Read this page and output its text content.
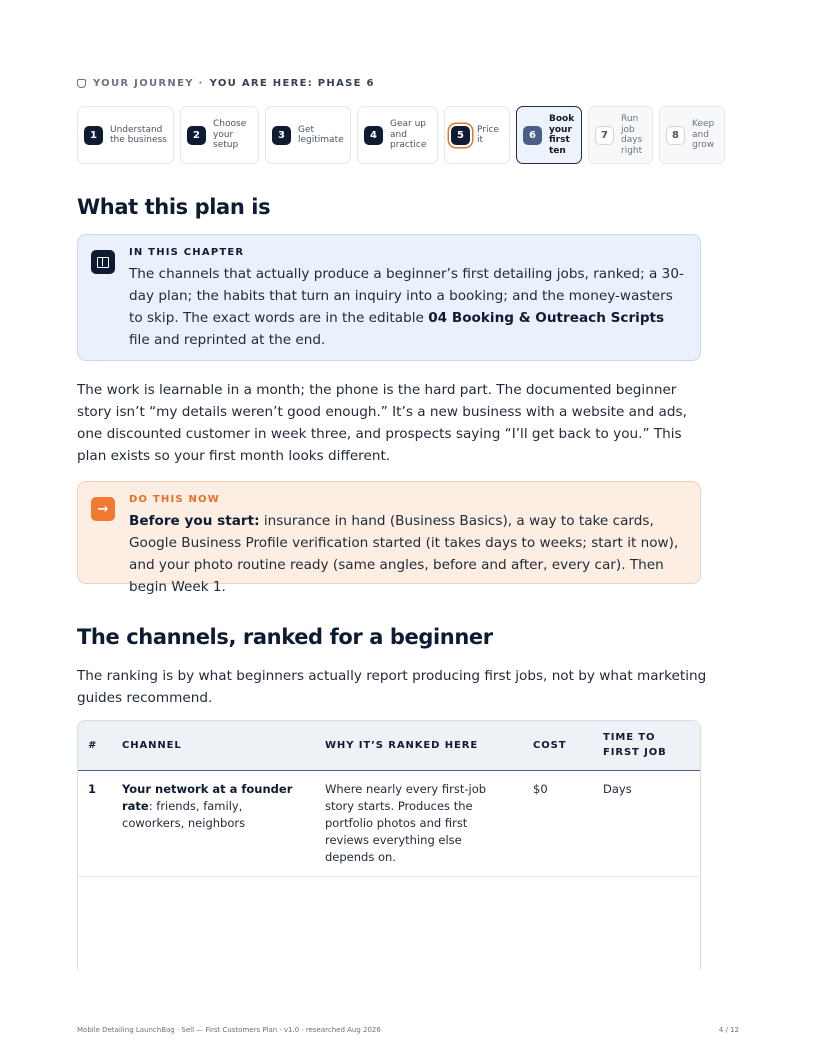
YOUR JOURNEY · YOU ARE HERE: PHASE 6
1	Understand the business	2
Choose your setup
3	Get legitimate	4
Gear up and practice
5	Price it	6
Book your first ten
7
Run job days right
8
Keep and grow
What this plan is
IN THIS CHAPTER
The channels that actually produce a beginner’s first detailing jobs, ranked; a 30-day plan; the habits that turn an inquiry into a booking; and the money-wasters to skip. The exact words are in the editable 04 Booking & Outreach Scripts file and reprinted at the end.

The work is learnable in a month; the phone is the hard part. The documented beginner story isn’t “my details weren’t good enough.” It’s a new business with a website and ads, one discounted customer in week three, and prospects saying “I’ll get back to you.” This plan exists so your first month looks different.

→
DO THIS NOW
Before you start: insurance in hand (Business Basics), a way to take cards, Google Business Profile verification started (it takes days to weeks; start it now), and your photo routine ready (same angles, before and after, every car). Then begin Week 1.
The channels, ranked for a beginner

The ranking is by what beginners actually report producing first jobs, not by what marketing guides recommend.

#	CHANNEL	WHY IT’S RANKED HERE	COST	TIME TO FIRST JOB
1	Your network at a founder rate: friends, family, coworkers, neighbors	Where nearly every first-job story starts. Produces the portfolio photos and first reviews everything else depends on.	$0	Days
Mobile Detailing LaunchBag · Sell — First Customers Plan · v1.0 · researched Aug 2026	4 / 12
